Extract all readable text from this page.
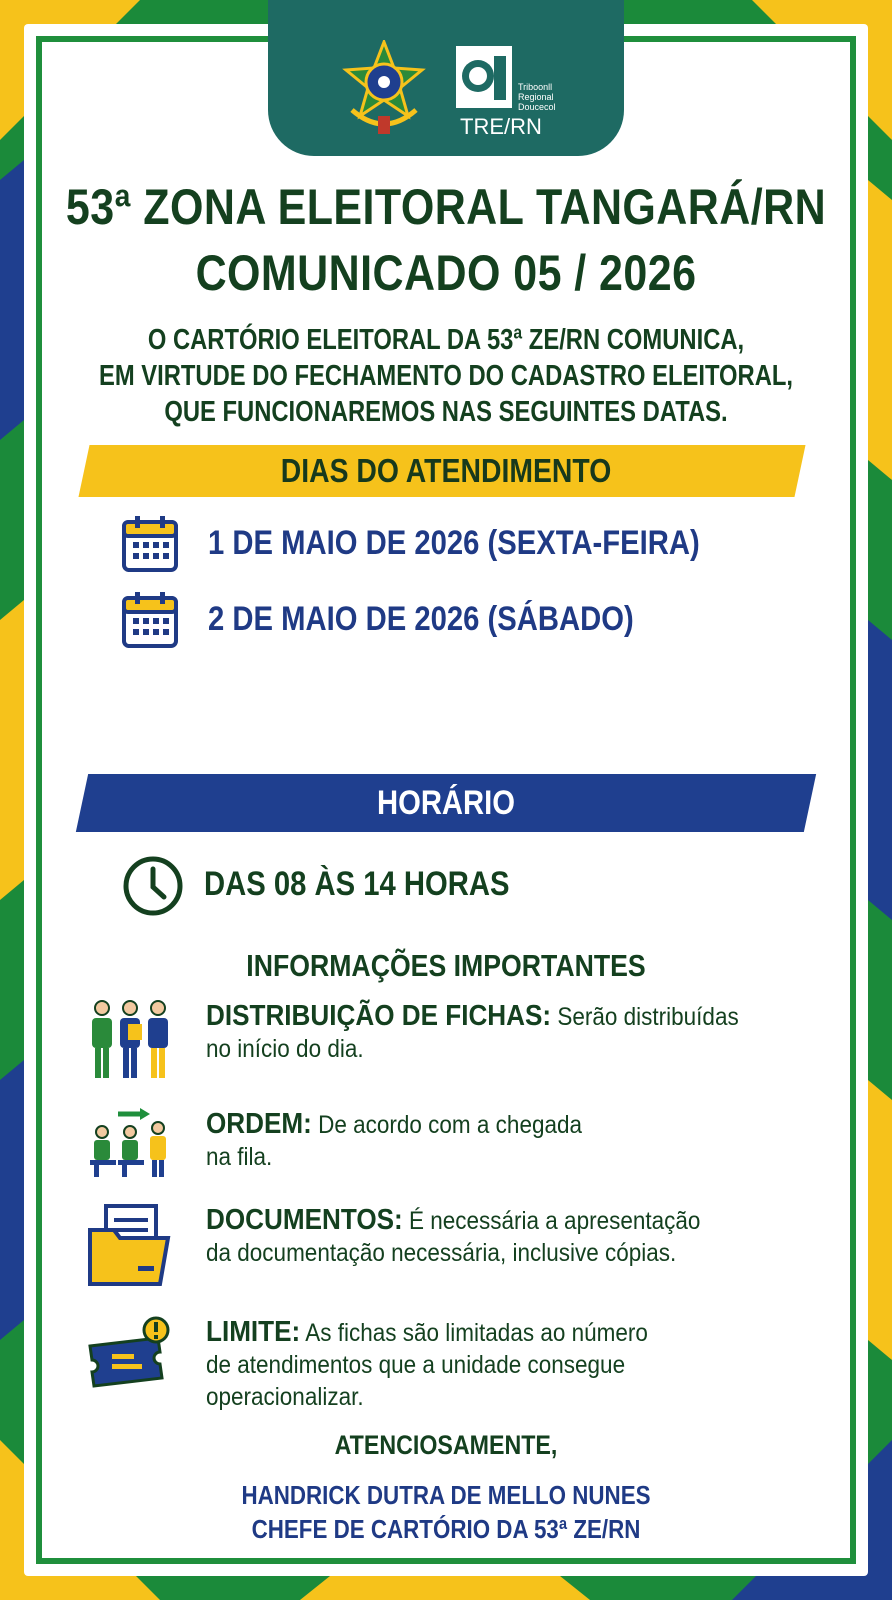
Triboonll
Regional
Doucecol
TRE/RN
53ª ZONA ELEITORAL TANGARÁ/RN
COMUNICADO 05 / 2026
O CARTÓRIO ELEITORAL DA 53ª ZE/RN COMUNICA,
EM VIRTUDE DO FECHAMENTO DO CADASTRO ELEITORAL,
QUE FUNCIONAREMOS NAS SEGUINTES DATAS.
DIAS DO ATENDIMENTO
1 DE MAIO DE 2026 (SEXTA-FEIRA)
2 DE MAIO DE 2026 (SÁBADO)
HORÁRIO
DAS 08 ÀS 14 HORAS
INFORMAÇÕES IMPORTANTES
DISTRIBUIÇÃO DE FICHAS: Serão distribuídas
no início do dia.
ORDEM: De acordo com a chegada
na fila.
DOCUMENTOS: É necessária a apresentação
da documentação necessária, inclusive cópias.
LIMITE: As fichas são limitadas ao número
de atendimentos que a unidade consegue
operacionalizar.
ATENCIOSAMENTE,
HANDRICK DUTRA DE MELLO NUNES
CHEFE DE CARTÓRIO DA 53ª ZE/RN
